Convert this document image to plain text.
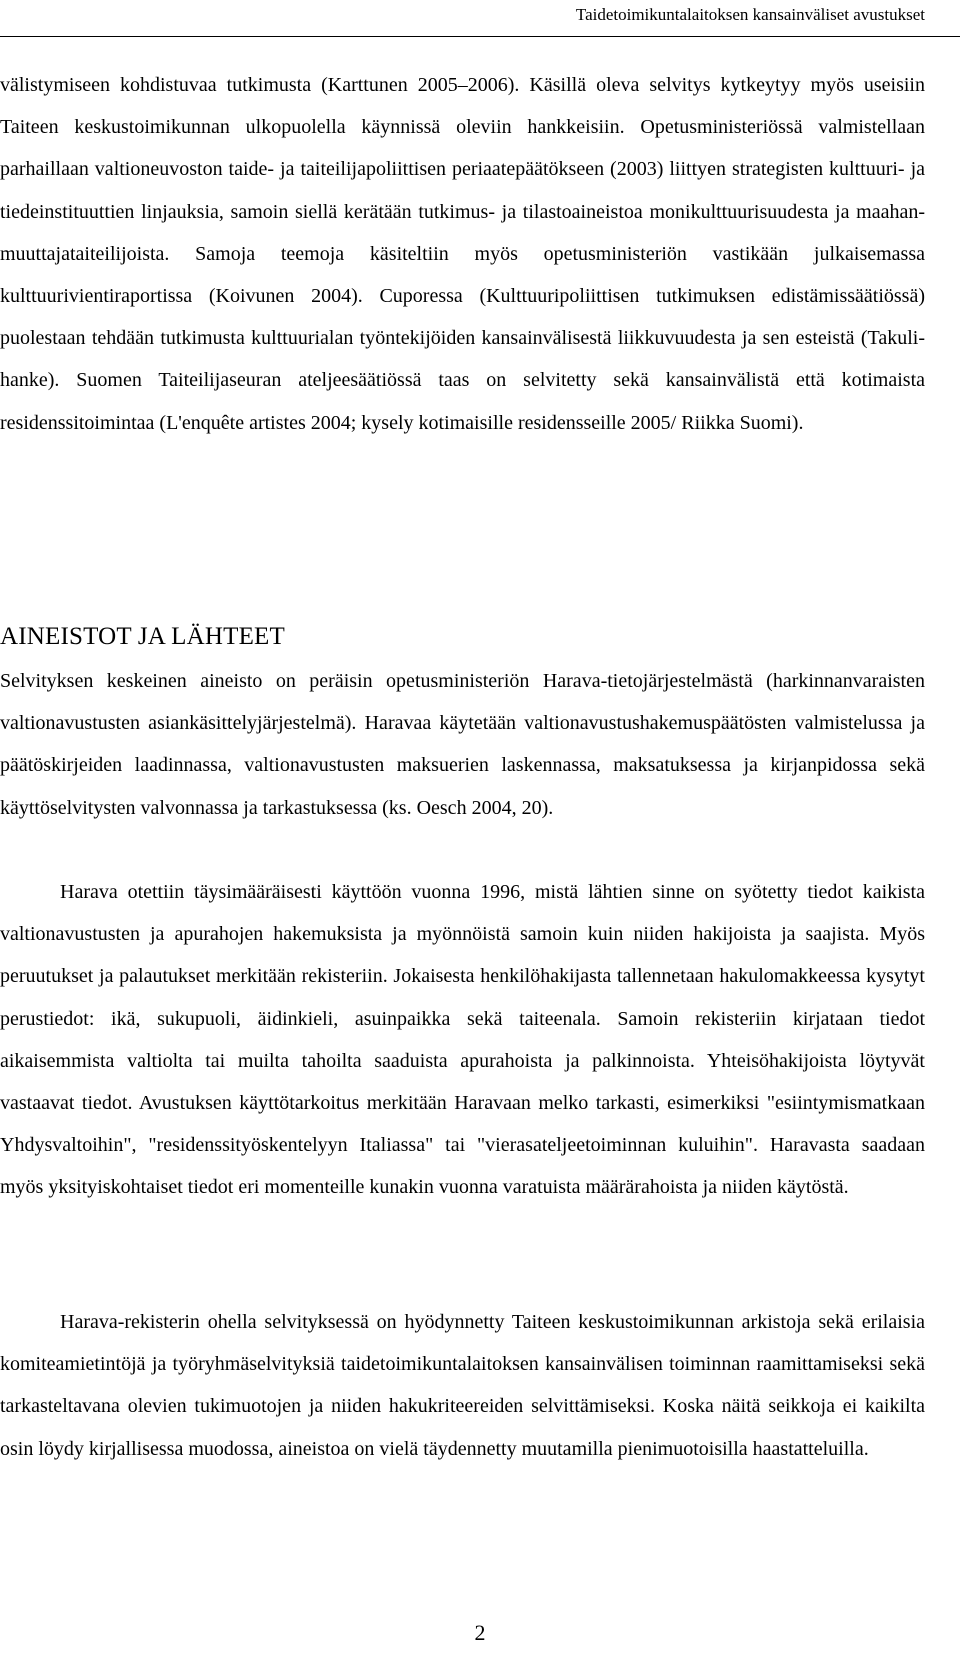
Taidetoimikuntalaitoksen kansainväliset avustukset

välistymiseen kohdistuvaa tutkimusta (Karttunen 2005–2006). Käsillä oleva selvitys kytkeytyy myös useisiin Taiteen keskustoimikunnan ulkopuolella käynnissä oleviin hankkeisiin. Opetusministeriössä valmistellaan parhaillaan valtioneuvoston taide- ja taiteilijapoliittisen periaatepäätökseen (2003) liittyen strategisten kulttuuri- ja tiedeinstituuttien linjauksia, samoin siellä kerätään tutkimus- ja tilastoaineistoa monikulttuurisuudesta ja maahanmuuttajataiteilijoista. Samoja teemoja käsiteltiin myös opetusministeriön vastikään julkaisemassa kulttuurivientiraportissa (Koivunen 2004). Cuporessa (Kulttuuripoliittisen tutkimuksen edistämissäätiössä) puolestaan tehdään tutkimusta kulttuurialan työntekijöiden kansainvälisestä liikkuvuudesta ja sen esteistä (Takuli-hanke). Suomen Taiteilijaseuran ateljeesäätiössä taas on selvitetty sekä kansainvälistä että kotimaista residenssitoimintaa (L'enquête artistes 2004; kysely kotimaisille residensseille 2005/ Riikka Suomi).

AINEISTOT JA LÄHTEET

Selvityksen keskeinen aineisto on peräisin opetusministeriön Harava-tietojärjestelmästä (harkinnanvaraisten valtionavustusten asiankäsittelyjärjestelmä). Haravaa käytetään valtionavustushakemuspäätösten valmistelussa ja päätöskirjeiden laadinnassa, valtionavustusten maksuerien laskennassa, maksatuksessa ja kirjanpidossa sekä käyttöselvitysten valvonnassa ja tarkastuksessa (ks. Oesch 2004, 20).

Harava otettiin täysimääräisesti käyttöön vuonna 1996, mistä lähtien sinne on syötetty tiedot kaikista valtionavustusten ja apurahojen hakemuksista ja myönnöistä samoin kuin niiden hakijoista ja saajista. Myös peruutukset ja palautukset merkitään rekisteriin. Jokaisesta henkilöhakijasta tallennetaan hakulomakkeessa kysytyt perustiedot: ikä, sukupuoli, äidinkieli, asuinpaikka sekä taiteenala. Samoin rekisteriin kirjataan tiedot aikaisemmista valtiolta tai muilta tahoilta saaduista apurahoista ja palkinnoista. Yhteisöhakijoista löytyvät vastaavat tiedot. Avustuksen käyttötarkoitus merkitään Haravaan melko tarkasti, esimerkiksi "esiintymismatkaan Yhdysvaltoihin", "residenssityöskentelyyn Italiassa" tai "vierasateljeetoiminnan kuluihin". Haravasta saadaan myös yksityiskohtaiset tiedot eri momenteille kunakin vuonna varatuista määrärahoista ja niiden käytöstä.

Harava-rekisterin ohella selvityksessä on hyödynnetty Taiteen keskustoimikunnan arkistoja sekä erilaisia komiteamietintöjä ja työryhmäselvityksiä taidetoimikuntalaitoksen kansainvälisen toiminnan raamittamiseksi sekä tarkasteltavana olevien tukimuotojen ja niiden hakukriteereiden selvittämiseksi. Koska näitä seikkoja ei kaikilta osin löydy kirjallisessa muodossa, aineistoa on vielä täydennetty muutamilla pienimuotoisilla haastatteluilla.

2
